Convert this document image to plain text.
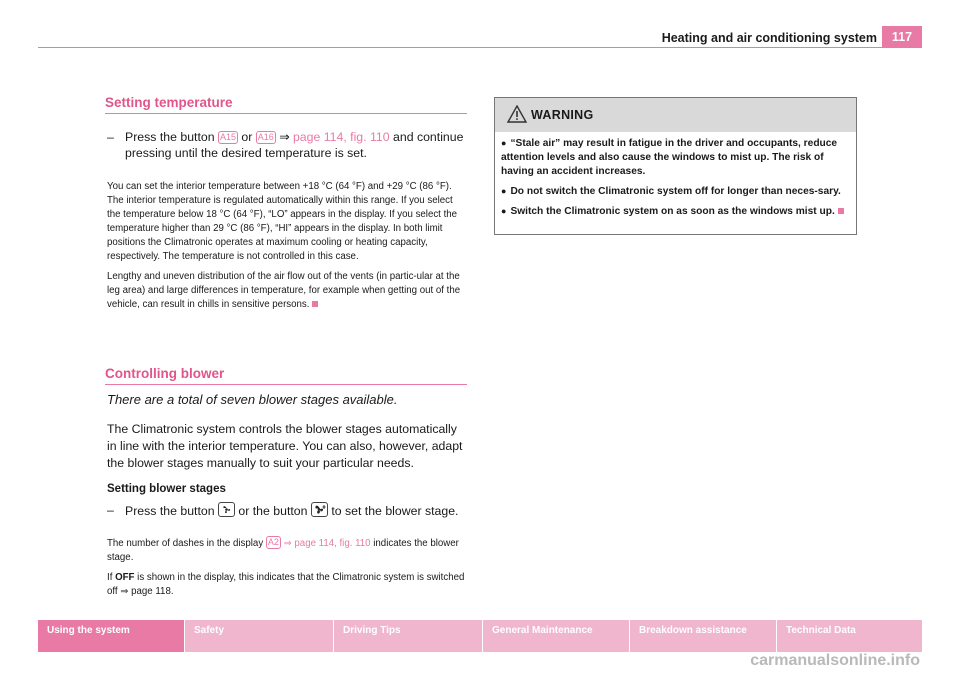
Heating and air conditioning system	117
Setting temperature
– Press the button A15 or A16 ⇒ page 114, fig. 110 and continue pressing until the desired temperature is set.

You can set the interior temperature between +18 °C (64 °F) and +29 °C (86 °F). The interior temperature is regulated automatically within this range. If you select the temperature below 18 °C (64 °F), “LO” appears in the display. If you select the temperature higher than 29 °C (86 °F), “HI” appears in the display. In both limit positions the Climatronic operates at maximum cooling or heating capacity, respectively. The temperature is not controlled in this case.

Lengthy and uneven distribution of the air flow out of the vents (in partic-ular at the leg area) and large differences in temperature, for example when getting out of the vehicle, can result in chills in sensitive persons.

Controlling blower
There are a total of seven blower stages available.
The Climatronic system controls the blower stages automatically in line with the interior temperature. You can also, however, adapt the blower stages manually to suit your particular needs.
Setting blower stages
– Press the button or the button to set the blower stage.

The number of dashes in the display A2 ⇒ page 114, fig. 110 indicates the blower stage.

If OFF is shown in the display, this indicates that the Climatronic system is switched off ⇒ page 118.

WARNING

● “Stale air” may result in fatigue in the driver and occupants, reduce attention levels and also cause the windows to mist up. The risk of having an accident increases.

● Do not switch the Climatronic system off for longer than neces-sary.

● Switch the Climatronic system on as soon as the windows mist up.

Using the system	Safety	Driving Tips	General Maintenance	Breakdown assistance	Technical Data
carmanualsonline.info
